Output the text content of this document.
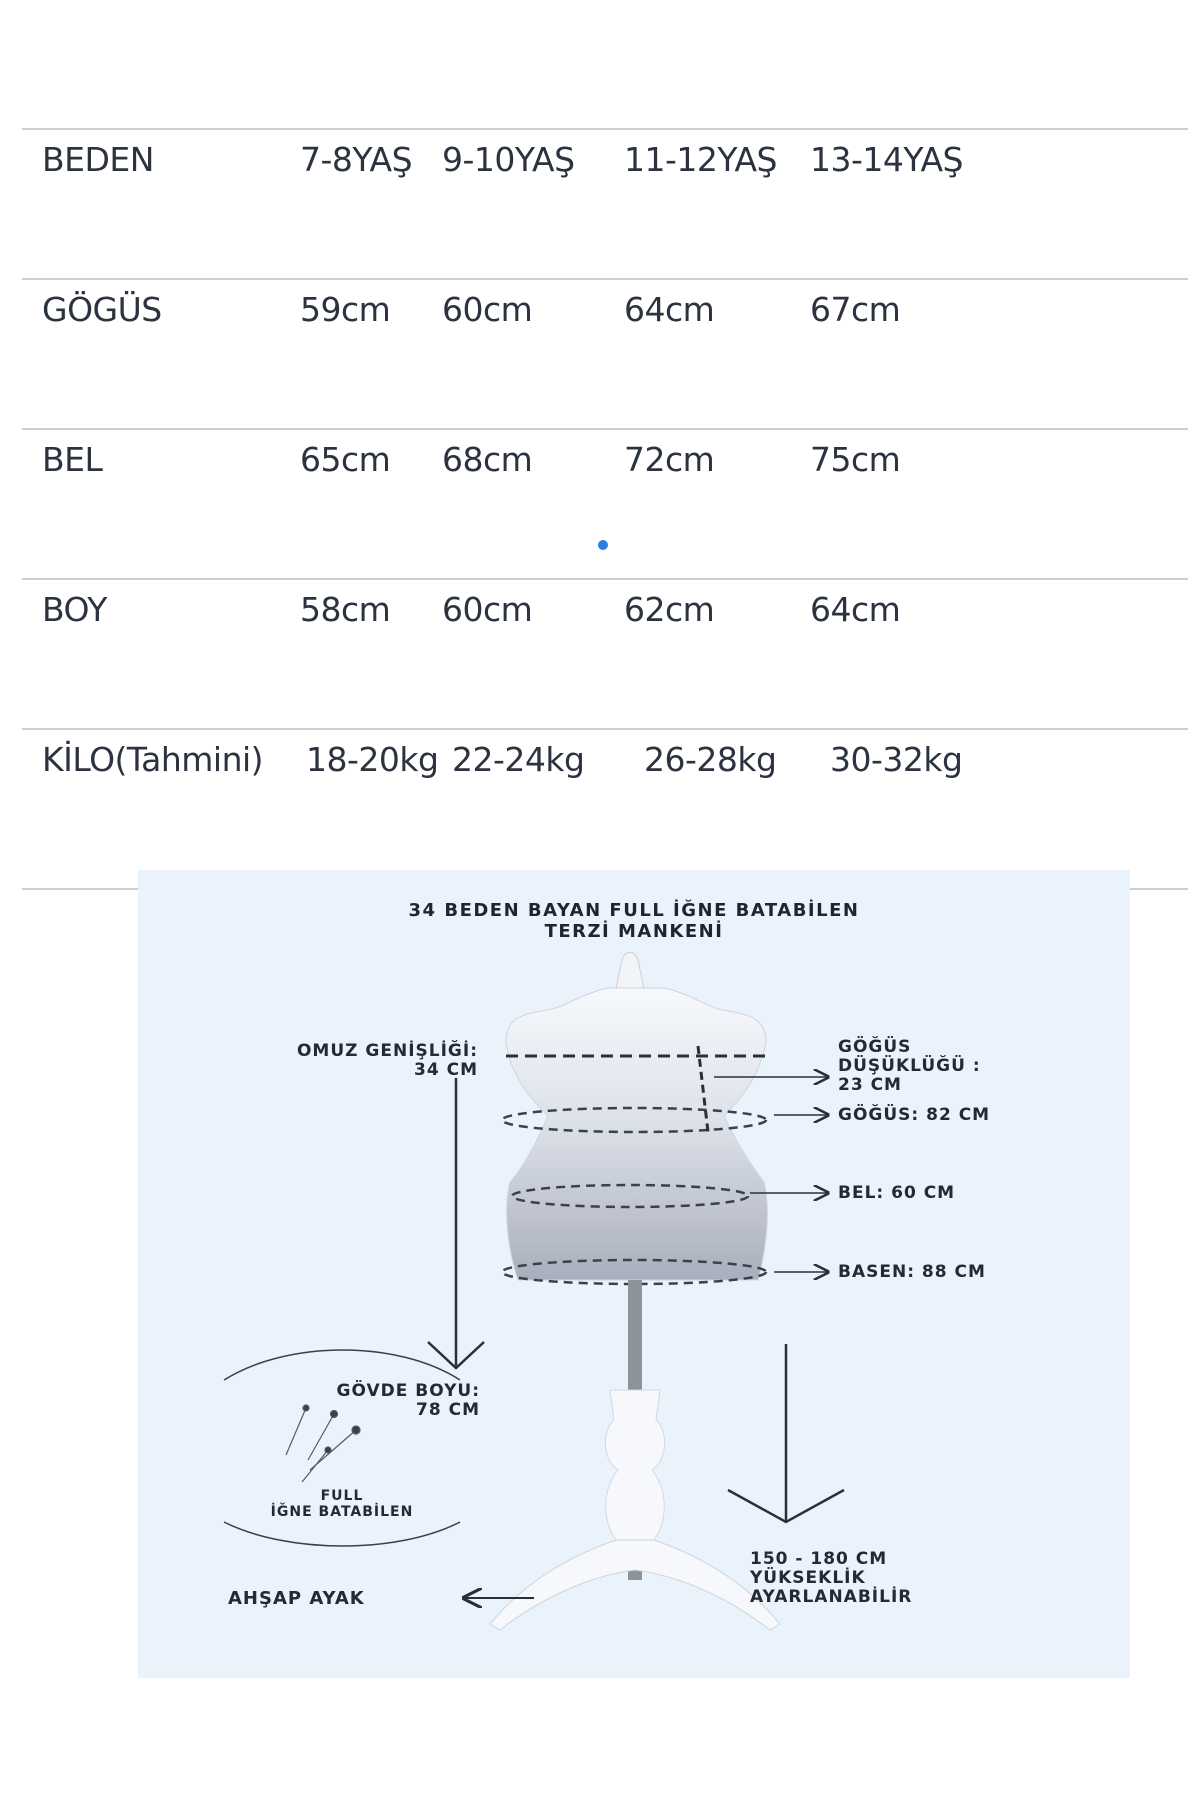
BEDEN	7-8YAŞ 9-10YAŞ 11-12YAŞ 13-14YAŞ
GÖGÜS	59cm 60cm	64cm	67cm
BEL	65cm 68cm	72cm	75cm
BOY	58cm 60cm	62cm	64cm
KİLO(Tahmini) 18-20kg 22-24kg 26-28kg 30-32kg
34 BEDEN BAYAN FULL İĞNE BATABİLEN
TERZİ MANKENİ
OMUZ GENİŞLİĞİ:
34 CM
GÖĞÜS
DÜŞÜKLÜĞÜ :
23 CM
GÖĞÜS: 82 CM
BEL: 60 CM
BASEN: 88 CM
GÖVDE BOYU:
78 CM
FULL
İĞNE BATABİLEN
AHŞAP AYAK
150 - 180 CM
YÜKSEKLİK
AYARLANABİLİR
